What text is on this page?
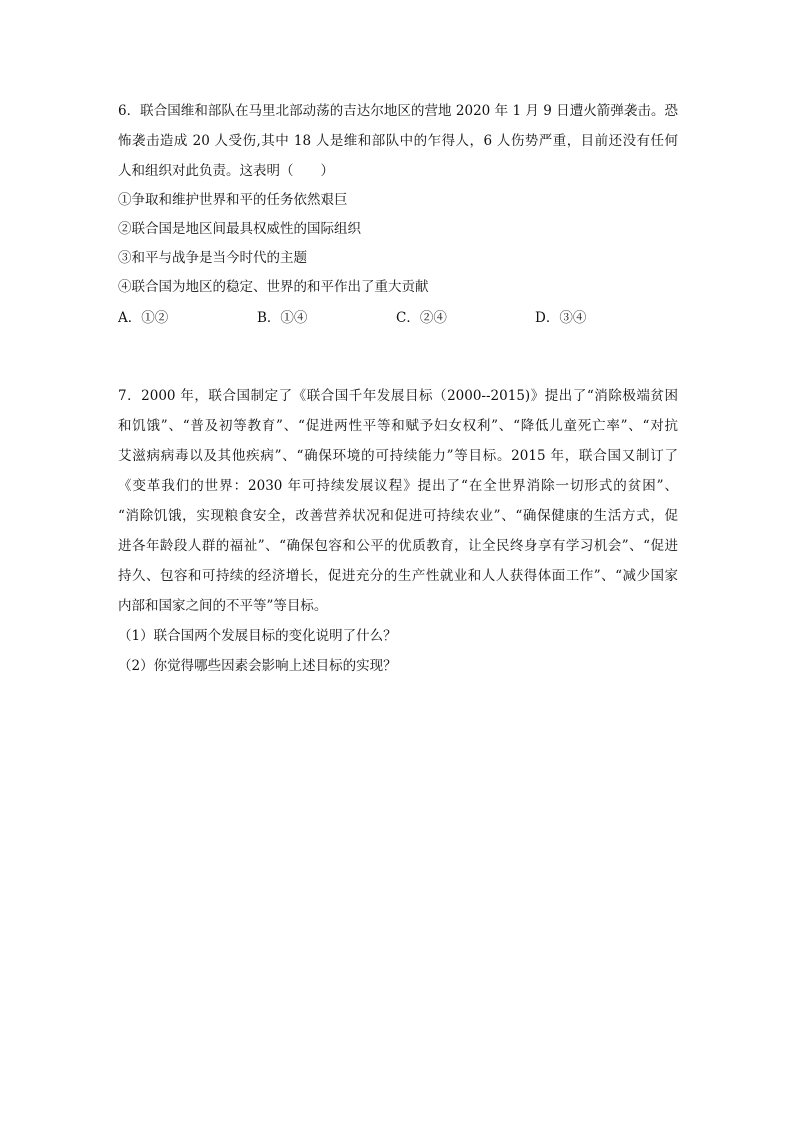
6．联合国维和部队在马里北部动荡的吉达尔地区的营地 2020 年 1 月 9 日遭火箭弹袭击。恐
怖袭击造成 20 人受伤,其中 18 人是维和部队中的乍得人，6 人伤势严重，目前还没有任何
人和组织对此负责。这表明（　　）
①争取和维护世界和平的任务依然艰巨
②联合国是地区间最具权威性的国际组织
③和平与战争是当今时代的主题
④联合国为地区的稳定、世界的和平作出了重大贡献
A．①②	B．①④	C．②④	D．③④
7．2000 年，联合国制定了《联合国千年发展目标（2000--2015)》提出了“消除极端贫困
和饥饿”、“普及初等教育”、“促进两性平等和赋予妇女权利”、“降低儿童死亡率”、“对抗
艾滋病病毒以及其他疾病”、“确保环境的可持续能力”等目标。2015 年，联合国又制订了
《变革我们的世界：2030 年可持续发展议程》提出了“在全世界消除一切形式的贫困”、
“消除饥饿，实现粮食安全，改善营养状况和促进可持续农业”、“确保健康的生活方式，促
进各年龄段人群的福祉”、“确保包容和公平的优质教育，让全民终身享有学习机会”、“促进
持久、包容和可持续的经济增长，促进充分的生产性就业和人人获得体面工作”、“减少国家
内部和国家之间的不平等”等目标。
（1）联合国两个发展目标的变化说明了什么？
（2）你觉得哪些因素会影响上述目标的实现？
